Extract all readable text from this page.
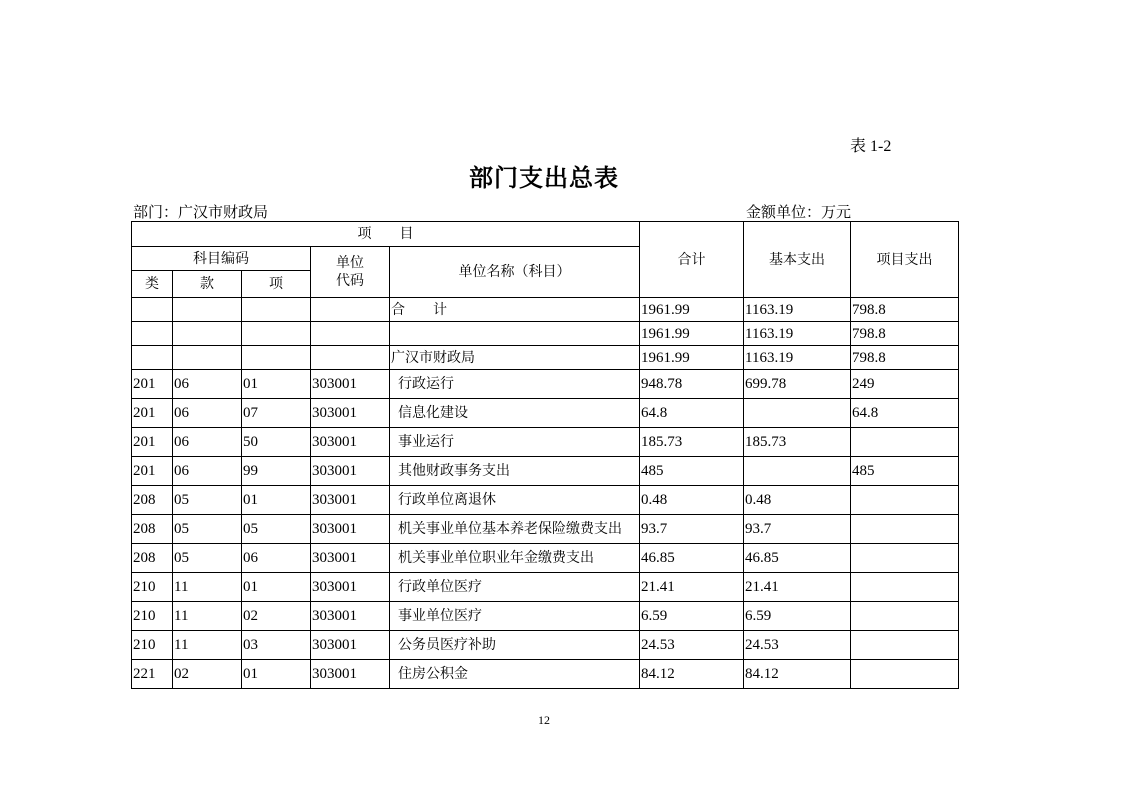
表 1-2
部门支出总表
部门：广汉市财政局	金额单位：万元
项　　目					合计	基本支出	项目支出
科目编码			单位
代码	单位名称（科目）			
类	款	项					
				合　　计	1961.99	1163.19	798.8
					1961.99	1163.19	798.8
				广汉市财政局	1961.99	1163.19	798.8
201	06	01	303001	行政运行	948.78	699.78	249
201	06	07	303001	信息化建设	64.8		64.8
201	06	50	303001	事业运行	185.73	185.73	
201	06	99	303001	其他财政事务支出	485		485
208	05	01	303001	行政单位离退休	0.48	0.48	
208	05	05	303001	机关事业单位基本养老保险缴费支出	93.7	93.7	
208	05	06	303001	机关事业单位职业年金缴费支出	46.85	46.85	
210	11	01	303001	行政单位医疗	21.41	21.41	
210	11	02	303001	事业单位医疗	6.59	6.59	
210	11	03	303001	公务员医疗补助	24.53	24.53	
221	02	01	303001	住房公积金	84.12	84.12	
12
